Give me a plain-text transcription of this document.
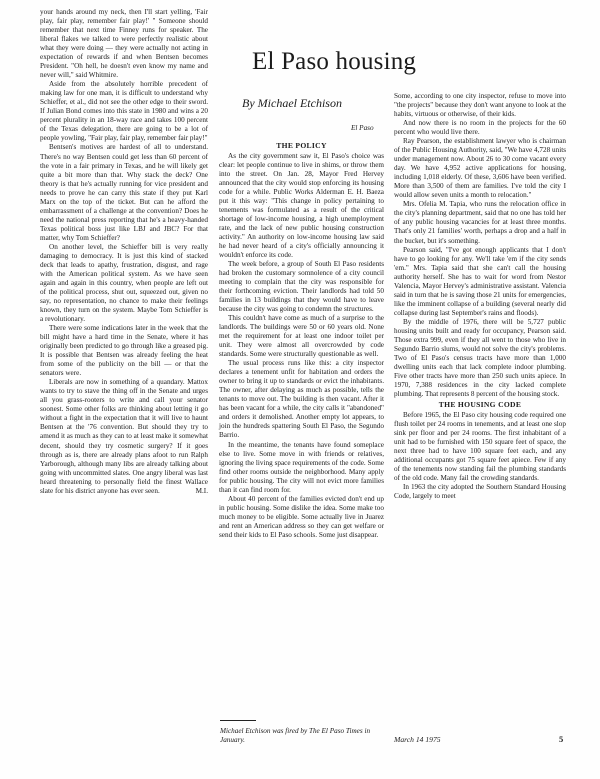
your hands around my neck, then I'll start yelling, 'Fair play, fair play, remember fair play!' " Someone should remember that next time Finney runs for speaker. The liberal flakes we talked to were perfectly realistic about what they were doing — they were actually not acting in expectation of rewards if and when Bentsen becomes President. "Oh hell, he doesn't even know my name and never will," said Whitmire.

Aside from the absolutely horrible precedent of making law for one man, it is difficult to understand why Schieffer, et al., did not see the other edge to their sword. If Julian Bond comes into this state in 1980 and wins a 20 percent plurality in an 18-way race and takes 100 percent of the Texas delegation, there are going to be a lot of people yowling, "Fair play, fair play, remember fair play!"

Bentsen's motives are hardest of all to understand. There's no way Bentsen could get less than 60 percent of the vote in a fair primary in Texas, and he will likely get quite a bit more than that. Why stack the deck? One theory is that he's actually running for vice president and needs to prove he can carry this state if they put Karl Marx on the top of the ticket. But can he afford the embarrassment of a challenge at the convention? Does he need the national press reporting that he's a heavy-handed Texas political boss just like LBJ and JBC? For that matter, why Tom Schieffer?

On another level, the Schieffer bill is very really damaging to democracy. It is just this kind of stacked deck that leads to apathy, frustration, disgust, and rage with the American political system. As we have seen again and again in this country, when people are left out of the political process, shut out, squeezed out, given no say, no representation, no chance to make their feelings known, they turn on the system. Maybe Tom Schieffer is a revolutionary.

There were some indications later in the week that the bill might have a hard time in the Senate, where it has originally been predicted to go through like a greased pig. It is possible that Bentsen was already feeling the heat from some of the publicity on the bill — or that the senators were.

Liberals are now in something of a quandary. Mattox wants to try to stave the thing off in the Senate and urges all you grass-rooters to write and call your senator soonest. Some other folks are thinking about letting it go without a fight in the expectation that it will live to haunt Bentsen at the '76 convention. But should they try to amend it as much as they can to at least make it somewhat decent, should they try cosmetic surgery? If it goes through as is, there are already plans afoot to run Ralph Yarborough, although many libs are already talking about going with uncommitted slates. One angry liberal was last heard threatening to personally field the finest Wallace slate for his district anyone has ever seen.	M.I.
El Paso housing
By Michael Etchison
El Paso
THE POLICY

As the city government saw it, El Paso's choice was clear: let people continue to live in shims, or throw them into the street. On Jan. 28, Mayor Fred Hervey announced that the city would stop enforcing its housing code for a while. Public Works Alderman E. H. Baeza put it this way: "This change in policy pertaining to tenements was formulated as a result of the critical shortage of low-income housing, a high unemployment rate, and the lack of new public housing construction activity." An authority on low-income housing law said he had never heard of a city's officially announcing it wouldn't enforce its code.

The week before, a group of South El Paso residents had broken the customary somnolence of a city council meeting to complain that the city was responsible for their forthcoming eviction. Their landlords had told 50 families in 13 buildings that they would have to leave because the city was going to condemn the structures.

This couldn't have come as much of a surprise to the landlords. The buildings were 50 or 60 years old. None met the requirement for at least one indoor toilet per unit. They were almost all overcrowded by code standards. Some were structurally questionable as well.

The usual process runs like this: a city inspector declares a tenement unfit for habitation and orders the owner to bring it up to standards or evict the inhabitants. The owner, after delaying as much as possible, tells the tenants to move out. The building is then vacant. After it has been vacant for a while, the city calls it "abandoned" and orders it demolished. Another empty lot appears, to join the hundreds spattering South El Paso, the Segundo Barrio.

In the meantime, the tenants have found someplace else to live. Some move in with friends or relatives, ignoring the living space requirements of the code. Some find other rooms outside the neighborhood. Many apply for public housing. The city will not evict more families than it can find room for.

About 40 percent of the families evicted don't end up in public housing. Some dislike the idea. Some make too much money to be eligible. Some actually live in Juarez and rent an American address so they can get welfare or send their kids to El Paso schools. Some just disappear.

Michael Etchison was fired by The El Paso Times in January.

Some, according to one city inspector, refuse to move into "the projects" because they don't want anyone to look at the habits, virtuous or otherwise, of their kids.

And now there is no room in the projects for the 60 percent who would live there.

Ray Pearson, the establishment lawyer who is chairman of the Public Housing Authority, said, "We have 4,728 units under management now. About 26 to 30 come vacant every day. We have 4,952 active applications for housing, including 1,018 elderly. Of these, 3,606 have been verified. More than 3,500 of them are families. I've told the city I would allow seven units a month to relocation."

Mrs. Ofelia M. Tapia, who runs the relocation office in the city's planning department, said that no one has told her of any public housing vacancies for at least three months. That's only 21 families' worth, perhaps a drop and a half in the bucket, but it's something.

Pearson said, "I've got enough applicants that I don't have to go looking for any. We'll take 'em if the city sends 'em." Mrs. Tapia said that she can't call the housing authority herself. She has to wait for word from Nestor Valencia, Mayor Hervey's administrative assistant. Valencia said in turn that he is saving those 21 units for emergencies, like the imminent collapse of a building (several nearly did collapse during last September's rains and floods).

By the middle of 1976, there will be 5,727 public housing units built and ready for occupancy, Pearson said. Those extra 999, even if they all went to those who live in Segundo Barrio slums, would not solve the city's problems. Two of El Paso's census tracts have more than 1,000 dwelling units each that lack complete indoor plumbing. Five other tracts have more than 250 such units apiece. In 1970, 7,388 residences in the city lacked complete plumbing. That represents 8 percent of the housing stock.

THE HOUSING CODE

Before 1965, the El Paso city housing code required one flush toilet per 24 rooms in tenements, and at least one slop sink per floor and per 24 rooms. The first inhabitant of a unit had to be furnished with 150 square feet of space, the next three had to have 100 square feet each, and any additional occupants got 75 square feet apiece. Few if any of the tenements now standing fail the plumbing standards of the old code. Many fail the crowding standards.

In 1963 the city adopted the Southern Standard Housing Code, largely to meet

March 14 1975	5
